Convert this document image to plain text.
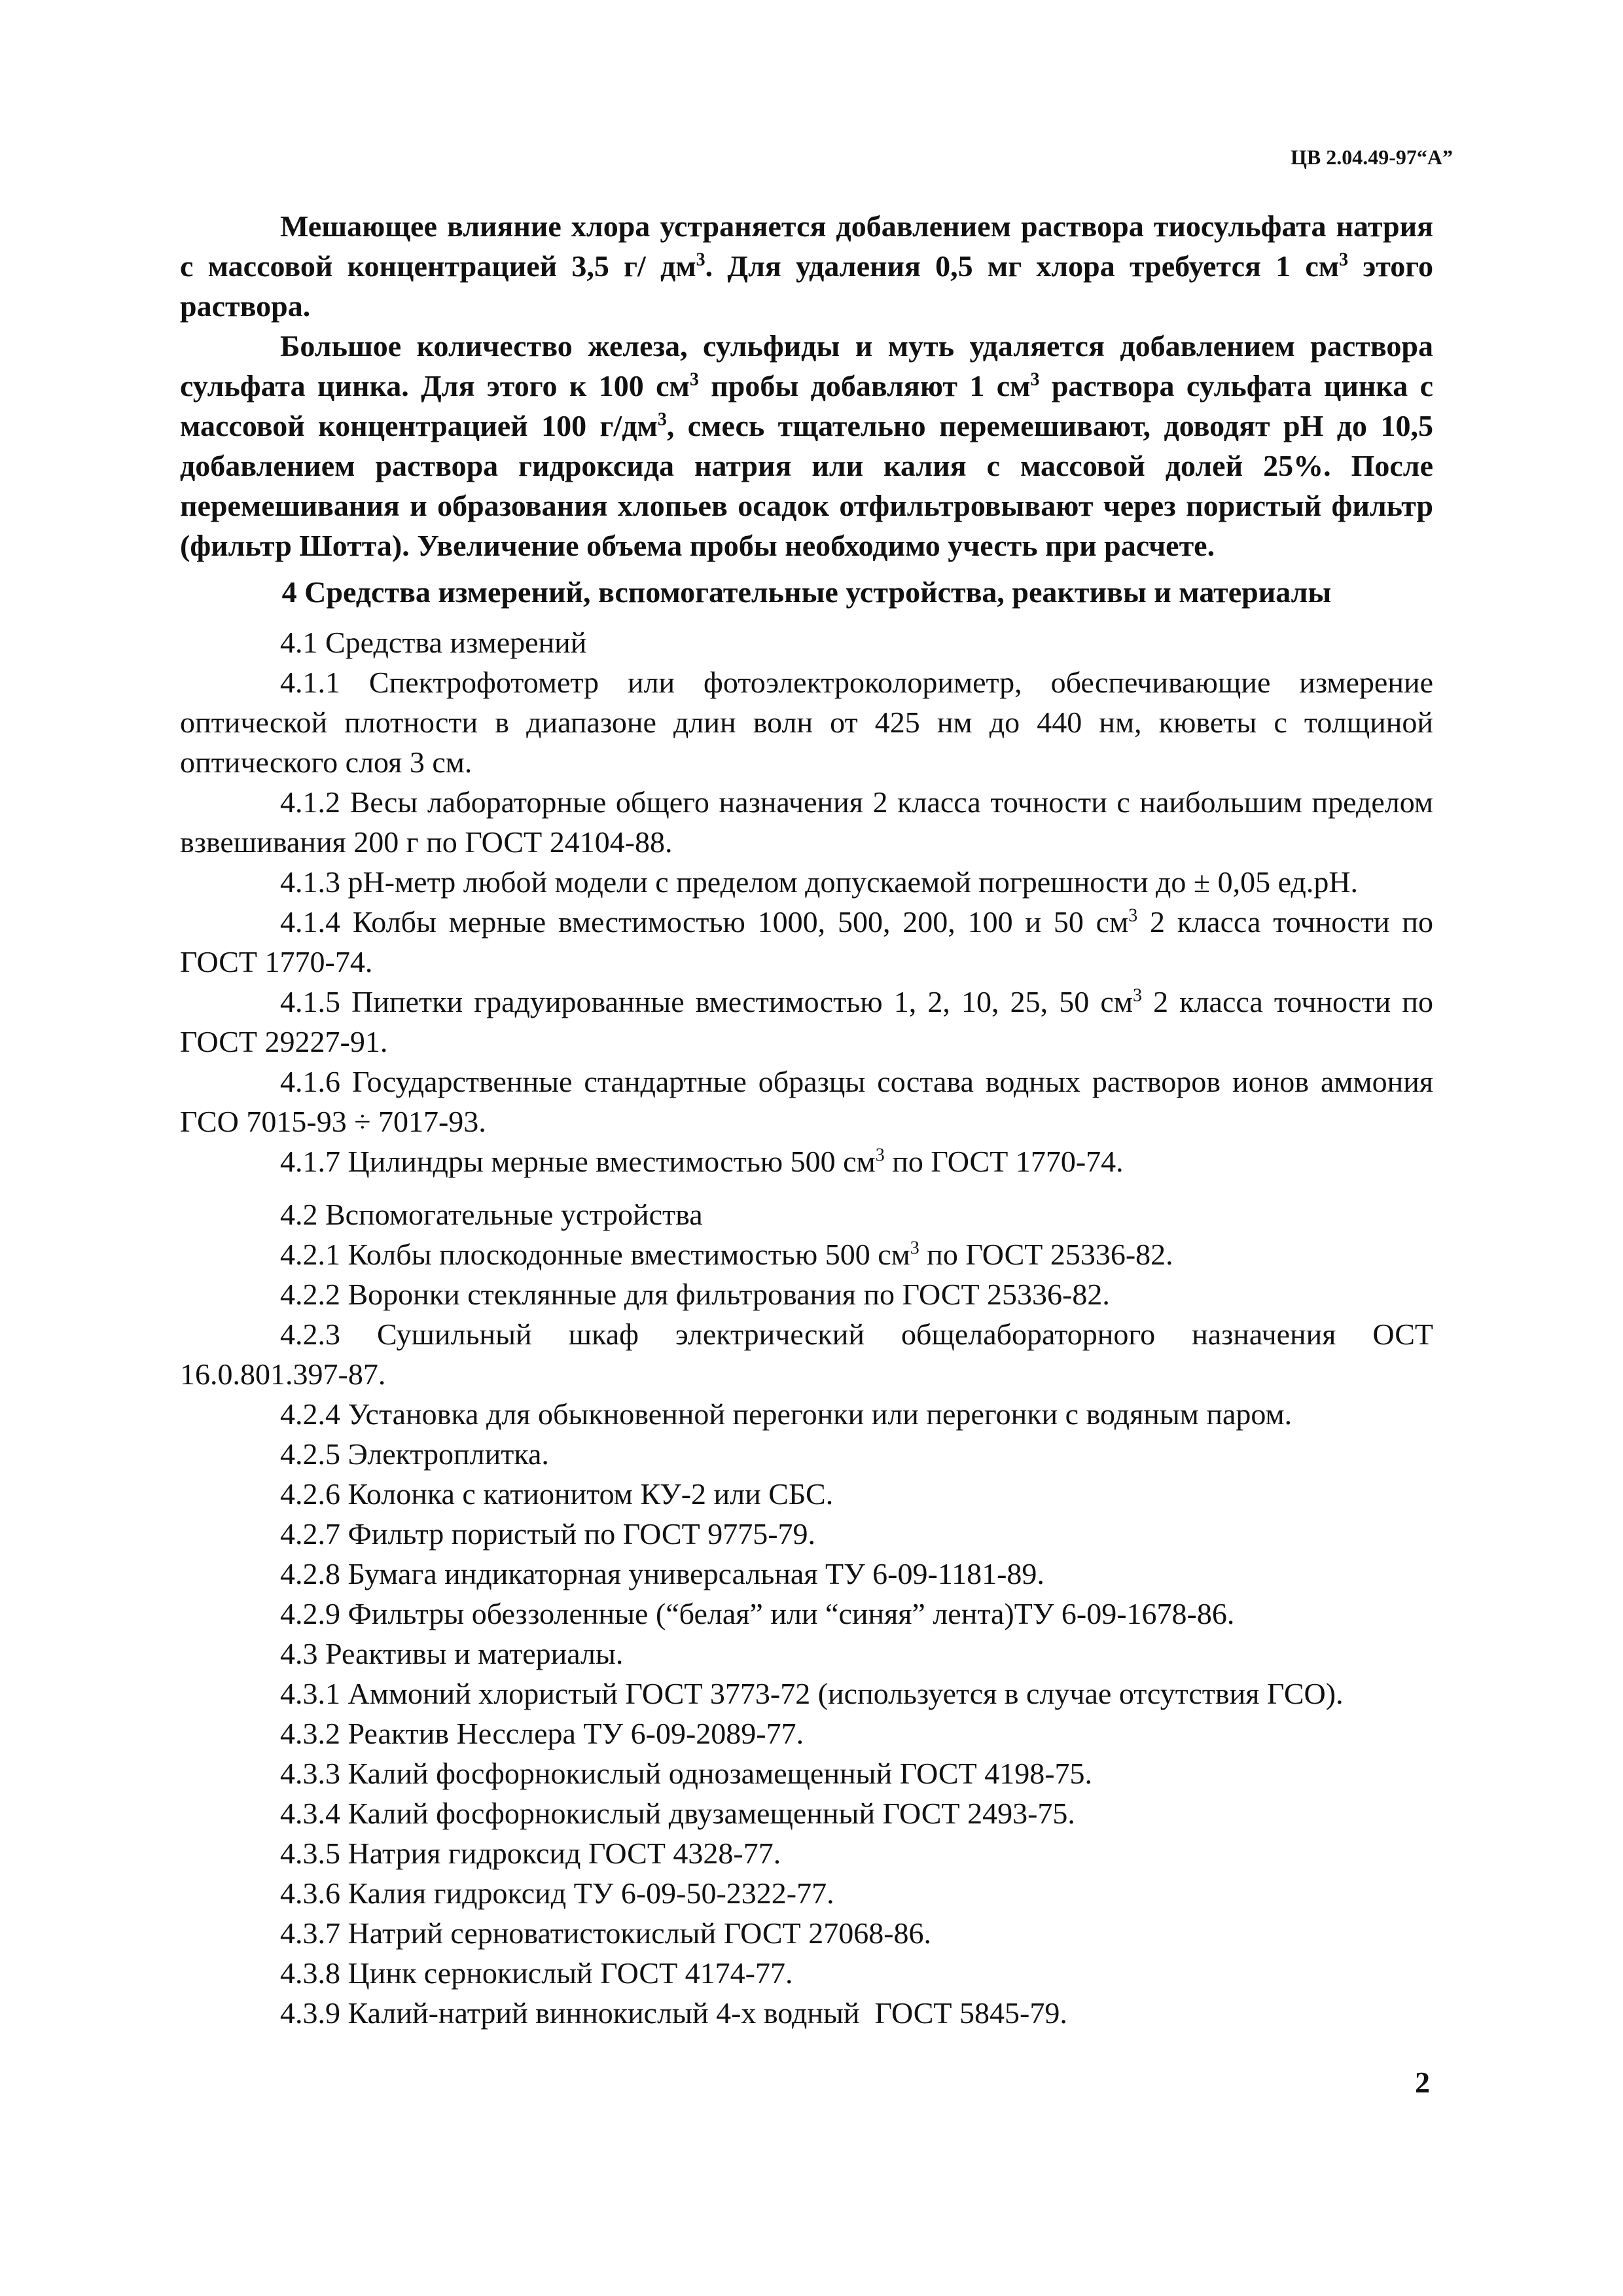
ЦВ 2.04.49-97“А”

Мешающее влияние хлора устраняется добавлением раствора тиосульфата натрия с массовой концентрацией 3,5 г/ $дм^3$. Для удаления 0,5 мг хлора требуется 1 $см^3$ этого раствора.

Большое количество железа, сульфиды и муть удаляется добавлением раствора сульфата цинка. Для этого к 100 $см^3$ пробы добавляют 1 $см^3$ раствора сульфата цинка с массовой концентрацией 100 $г/дм^3$, смесь тщательно перемешивают, доводят рН до 10,5 добавлением раствора гидроксида натрия или калия с массовой долей 25%. После перемешивания и образования хлопьев осадок отфильтровывают через пористый фильтр (фильтр Шотта). Увеличение объема пробы необходимо учесть при расчете.

4 Средства измерений, вспомогательные устройства, реактивы и материалы

4.1 Средства измерений

4.1.1 Спектрофотометр или фотоэлектроколориметр, обеспечивающие измерение оптической плотности в диапазоне длин волн от 425 нм до 440 нм, кюветы с толщиной оптического слоя 3 см.

4.1.2 Весы лабораторные общего назначения 2 класса точности с наибольшим пределом взвешивания 200 г по ГОСТ 24104-88.

4.1.3 рН-метр любой модели с пределом допускаемой погрешности до ± 0,05 ед.рН.

4.1.4 Колбы мерные вместимостью 1000, 500, 200, 100 и 50 $см^3$ 2 класса точности по ГОСТ 1770-74.

4.1.5 Пипетки градуированные вместимостью 1, 2, 10, 25, 50 $см^3$ 2 класса точности по ГОСТ 29227-91.

4.1.6 Государственные стандартные образцы состава водных растворов ионов аммония ГСО 7015-93 ÷ 7017-93.

4.1.7 Цилиндры мерные вместимостью 500 $см^3$ по ГОСТ 1770-74.

4.2 Вспомогательные устройства

4.2.1 Колбы плоскодонные вместимостью 500 $см^3$ по ГОСТ 25336-82.

4.2.2 Воронки стеклянные для фильтрования по ГОСТ 25336-82.

4.2.3 Сушильный шкаф электрический общелабораторного назначения ОСТ 16.0.801.397-87.

4.2.4 Установка для обыкновенной перегонки или перегонки с водяным паром.

4.2.5 Электроплитка.

4.2.6 Колонка с катионитом КУ-2 или СБС.

4.2.7 Фильтр пористый по ГОСТ 9775-79.

4.2.8 Бумага индикаторная универсальная ТУ 6-09-1181-89.

4.2.9 Фильтры обеззоленные (“белая” или “синяя” лента)ТУ 6-09-1678-86.

4.3 Реактивы и материалы.

4.3.1 Аммоний хлористый ГОСТ 3773-72 (используется в случае отсутствия ГСО).

4.3.2 Реактив Несслера ТУ 6-09-2089-77.

4.3.3 Калий фосфорнокислый однозамещенный ГОСТ 4198-75.

4.3.4 Калий фосфорнокислый двузамещенный ГОСТ 2493-75.

4.3.5 Натрия гидроксид ГОСТ 4328-77.

4.3.6 Калия гидроксид ТУ 6-09-50-2322-77.

4.3.7 Натрий серноватистокислый ГОСТ 27068-86.

4.3.8 Цинк сернокислый ГОСТ 4174-77.

4.3.9 Калий-натрий виннокислый 4-х водный  ГОСТ 5845-79.

2
